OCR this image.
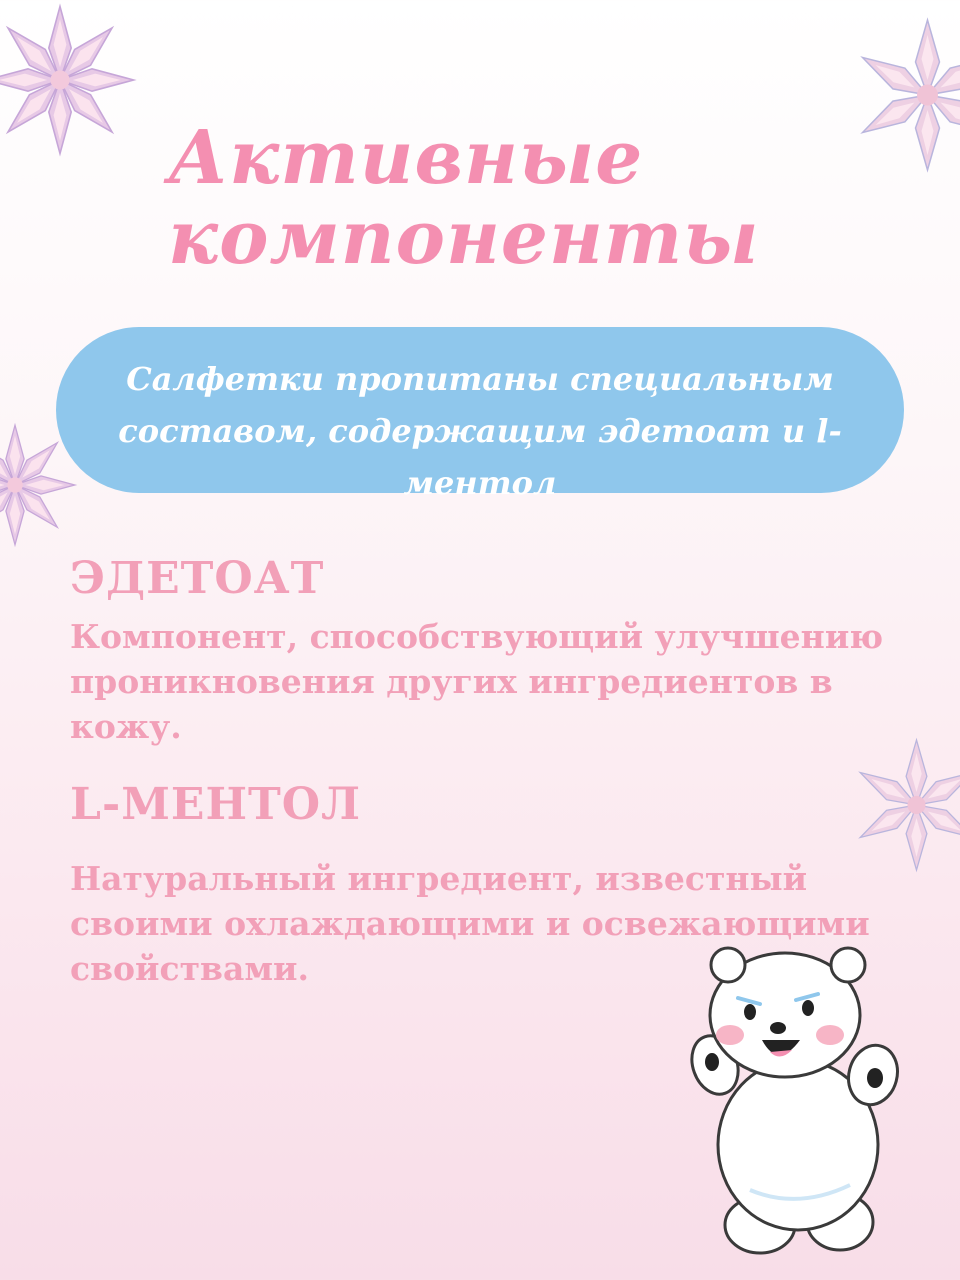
Активные
компоненты
Салфетки пропитаны специальным составом, содержащим эдетоат и l-ментол
ЭДЕТОАТ
Компонент, способствующий улучшению проникновения других ингредиентов в кожу.
L-МЕНТОЛ
Натуральный ингредиент, известный своими охлаждающими и освежающими свойствами.
